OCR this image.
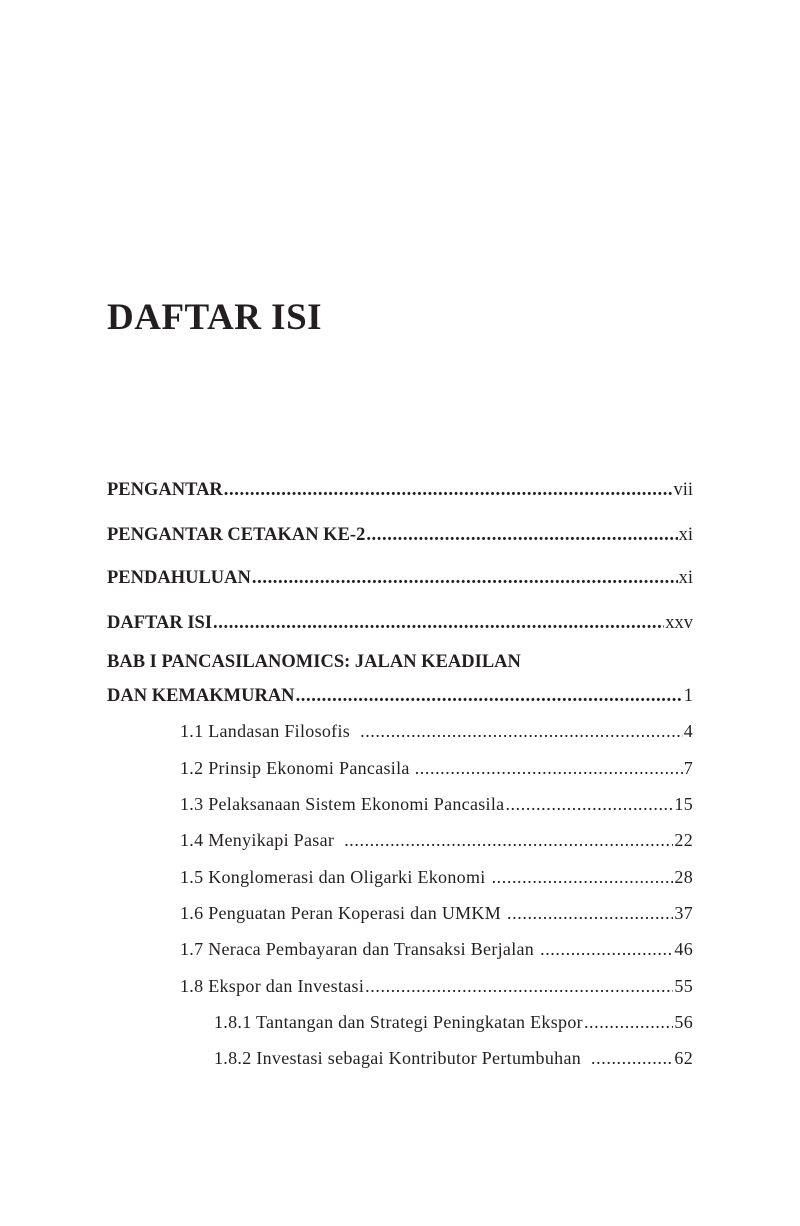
DAFTAR ISI
PENGANTAR .....	vii
PENGANTAR CETAKAN KE-2 .....	xi
PENDAHULUAN .....	xi
DAFTAR ISI .....	xxv
BAB I PANCASILANOMICS: JALAN KEADILAN
DAN KEMAKMURAN .....	1
1.1 Landasan Filosofis .....	4
1.2 Prinsip Ekonomi Pancasila .....	7
1.3 Pelaksanaan Sistem Ekonomi Pancasila .....	15
1.4 Menyikapi Pasar .....	22
1.5 Konglomerasi dan Oligarki Ekonomi .....	28
1.6 Penguatan Peran Koperasi dan UMKM .....	37
1.7 Neraca Pembayaran dan Transaksi Berjalan .....	46
1.8 Ekspor dan Investasi .....	55
1.8.1 Tantangan dan Strategi Peningkatan Ekspor .....	56
1.8.2 Investasi sebagai Kontributor Pertumbuhan .....	62
